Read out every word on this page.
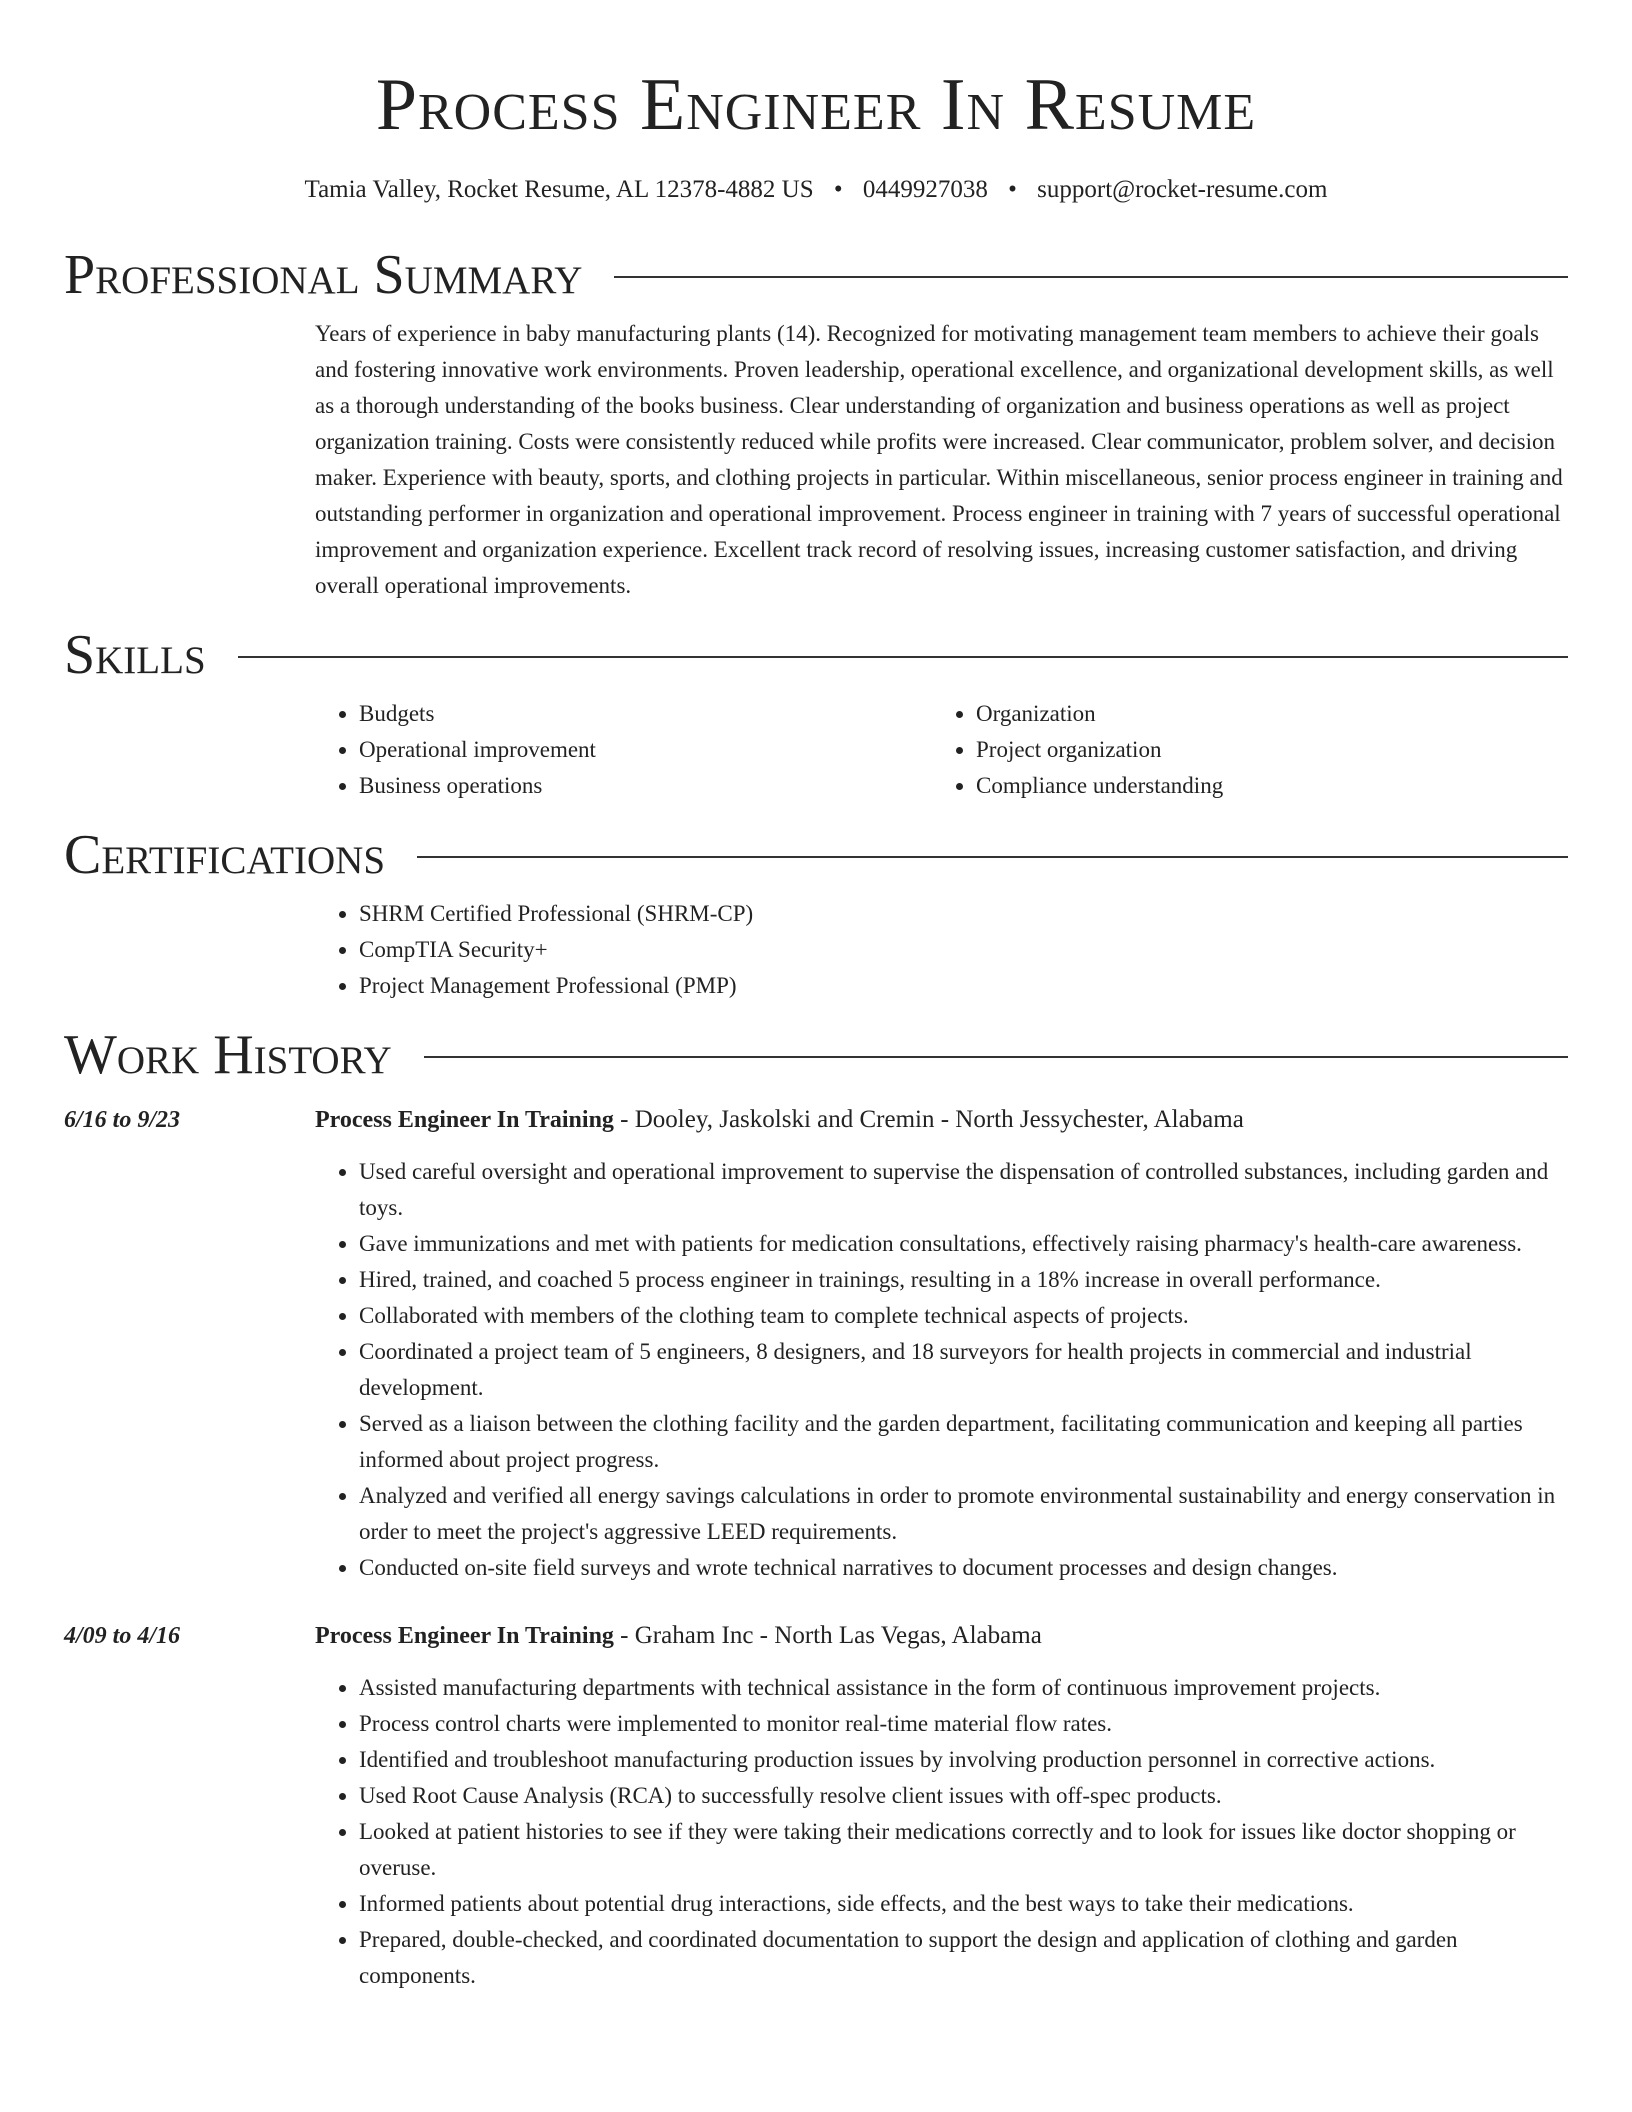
Process Engineer In Resume
Tamia Valley, Rocket Resume, AL 12378-4882 US • 0449927038 • support@rocket-resume.com
Professional Summary

Years of experience in baby manufacturing plants (14). Recognized for motivating management team members to achieve their goals and fostering innovative work environments. Proven leadership, operational excellence, and organizational development skills, as well as a thorough understanding of the books business. Clear understanding of organization and business operations as well as project organization training. Costs were consistently reduced while profits were increased. Clear communicator, problem solver, and decision maker. Experience with beauty, sports, and clothing projects in particular. Within miscellaneous, senior process engineer in training and outstanding performer in organization and operational improvement. Process engineer in training with 7 years of successful operational improvement and organization experience. Excellent track record of resolving issues, increasing customer satisfaction, and driving overall operational improvements.

Skills
• Budgets
• Operational improvement
• Business operations
• Organization
• Project organization
• Compliance understanding
Certifications
• SHRM Certified Professional (SHRM-CP)
• CompTIA Security+
• Project Management Professional (PMP)
Work History
6/16 to 9/23	Process Engineer In Training - Dooley, Jaskolski and Cremin - North Jessychester, Alabama
• Used careful oversight and operational improvement to supervise the dispensation of controlled substances, including garden and toys.
• Gave immunizations and met with patients for medication consultations, effectively raising pharmacy's health-care awareness.
• Hired, trained, and coached 5 process engineer in trainings, resulting in a 18% increase in overall performance.
• Collaborated with members of the clothing team to complete technical aspects of projects.
• Coordinated a project team of 5 engineers, 8 designers, and 18 surveyors for health projects in commercial and industrial development.
• Served as a liaison between the clothing facility and the garden department, facilitating communication and keeping all parties informed about project progress.
• Analyzed and verified all energy savings calculations in order to promote environmental sustainability and energy conservation in order to meet the project's aggressive LEED requirements.
• Conducted on-site field surveys and wrote technical narratives to document processes and design changes.
4/09 to 4/16	Process Engineer In Training - Graham Inc - North Las Vegas, Alabama
• Assisted manufacturing departments with technical assistance in the form of continuous improvement projects.
• Process control charts were implemented to monitor real-time material flow rates.
• Identified and troubleshoot manufacturing production issues by involving production personnel in corrective actions.
• Used Root Cause Analysis (RCA) to successfully resolve client issues with off-spec products.
• Looked at patient histories to see if they were taking their medications correctly and to look for issues like doctor shopping or overuse.
• Informed patients about potential drug interactions, side effects, and the best ways to take their medications.
• Prepared, double-checked, and coordinated documentation to support the design and application of clothing and garden components.
